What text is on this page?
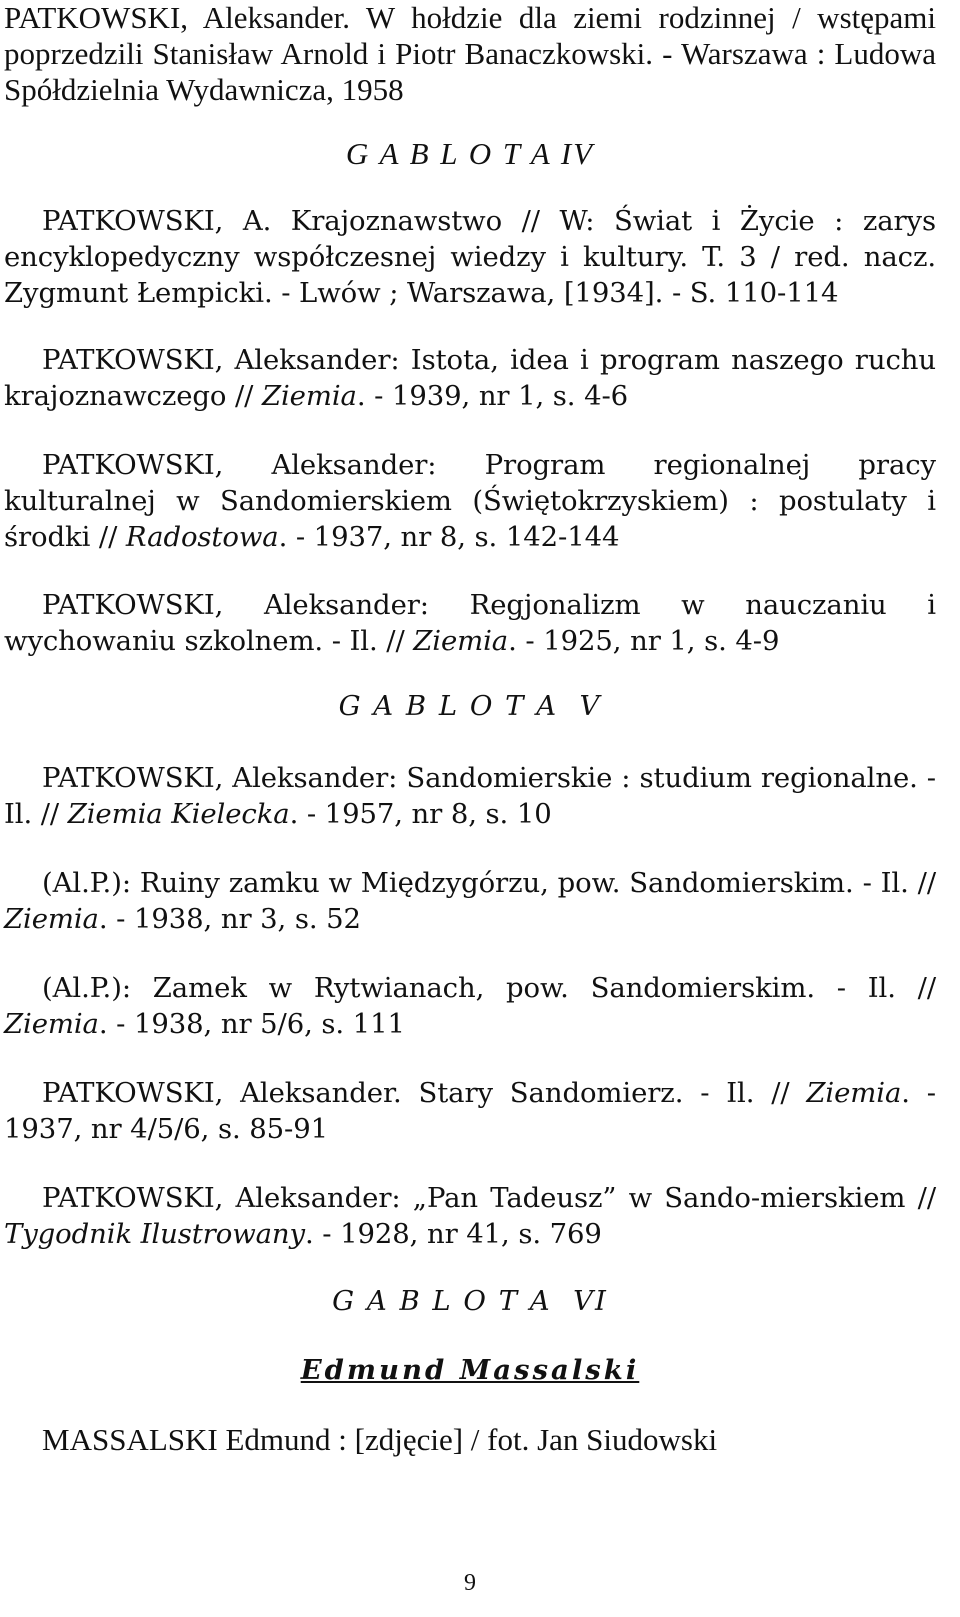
PATKOWSKI, Aleksander. W hołdzie dla ziemi rodzinnej / wstępami poprzedzili Stanisław Arnold i Piotr Banaczkowski. - Warszawa : Ludowa Spółdzielnia Wydawnicza, 1958

G A B L O T A IV

PATKOWSKI, A. Krajoznawstwo // W: Świat i Życie : zarys encyklopedyczny współczesnej wiedzy i kultury. T. 3 / red. nacz. Zygmunt Łempicki. - Lwów ; Warszawa, [1934]. - S. 110-114

PATKOWSKI, Aleksander: Istota, idea i program naszego ruchu krajoznawczego // Ziemia. - 1939, nr 1, s. 4-6

PATKOWSKI, Aleksander: Program regionalnej pracy kulturalnej w Sandomierskiem (Świętokrzyskiem) : postulaty i środki // Radostowa. - 1937, nr 8, s. 142-144

PATKOWSKI, Aleksander: Regjonalizm w nauczaniu i wychowaniu szkolnem. - Il. // Ziemia. - 1925, nr 1, s. 4-9

G A B L O T A  V

PATKOWSKI, Aleksander: Sandomierskie : studium regionalne. - Il. // Ziemia Kielecka. - 1957, nr 8, s. 10

(Al.P.): Ruiny zamku w Międzygórzu, pow. Sandomierskim. - Il. // Ziemia. - 1938, nr 3, s. 52

(Al.P.): Zamek w Rytwianach, pow. Sandomierskim. - Il. // Ziemia. - 1938, nr 5/6, s. 111

PATKOWSKI, Aleksander. Stary Sandomierz. - Il. // Ziemia. - 1937, nr 4/5/6, s. 85-91

PATKOWSKI, Aleksander: „Pan Tadeusz” w Sando-mierskiem // Tygodnik Ilustrowany. - 1928, nr 41, s. 769

G A B L O T A  VI

Edmund Massalski

MASSALSKI Edmund : [zdjęcie] / fot. Jan Siudowski

9
